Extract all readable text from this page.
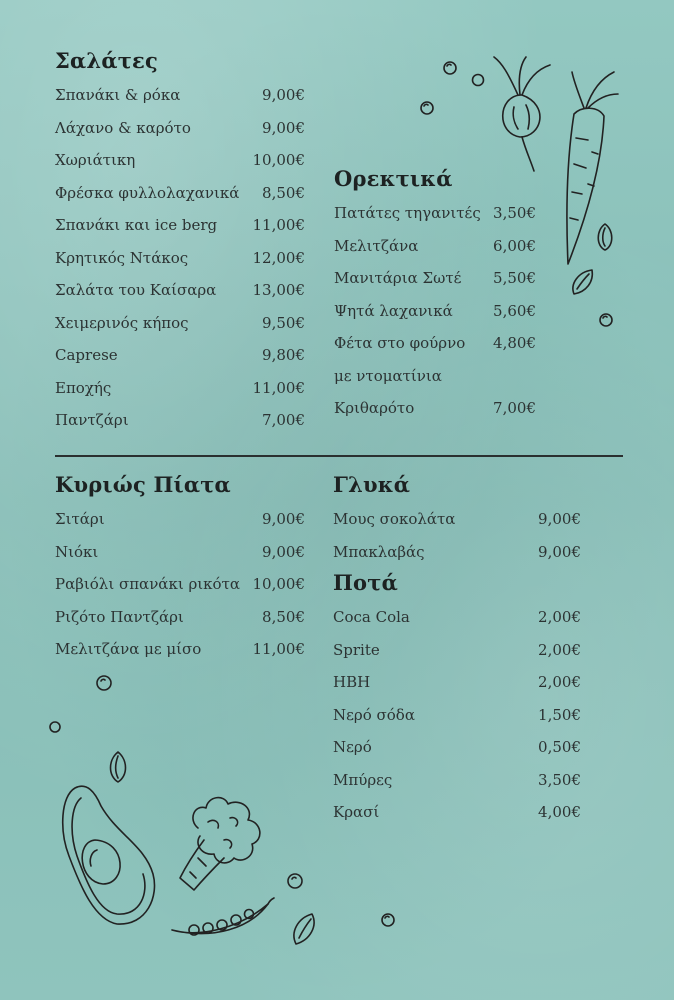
Σαλάτες
Σπανάκι & ρόκα	9,00€
Λάχανο & καρότο	9,00€
Χωριάτικη	10,00€
Φρέσκα φυλλολαχανικά 8,50€
Σπανάκι και ice berg 11,00€
Κρητικός Ντάκος	12,00€
Σαλάτα του Καίσαρα 13,00€
Χειμερινός κήπος	9,50€
Caprese	9,80€
Εποχής	11,00€
Παντζάρι	7,00€
Ορεκτικά
Πατάτες τηγανιτές 3,50€
Μελιτζάνα	6,00€
Μανιτάρια Σωτέ 5,50€
Ψητά λαχανικά	5,60€
Φέτα στο φούρνο 4,80€
με ντοματίνια
Κριθαρότο	7,00€
Κυριώς Πίατα
Σιτάρι	9,00€
Νιόκι	9,00€
Ραβιόλι σπανάκι ρικότα 10,00€
Ριζότο Παντζάρι	8,50€
Μελιτζάνα με μίσο	11,00€
Γλυκά
Μους σοκολάτα	9,00€
Μπακλαβάς	9,00€
Ποτά
Coca Cola	2,00€
Sprite	2,00€
HBH	2,00€
Νερό σόδα	1,50€
Νερό	0,50€
Μπύρες	3,50€
Κρασί	4,00€
